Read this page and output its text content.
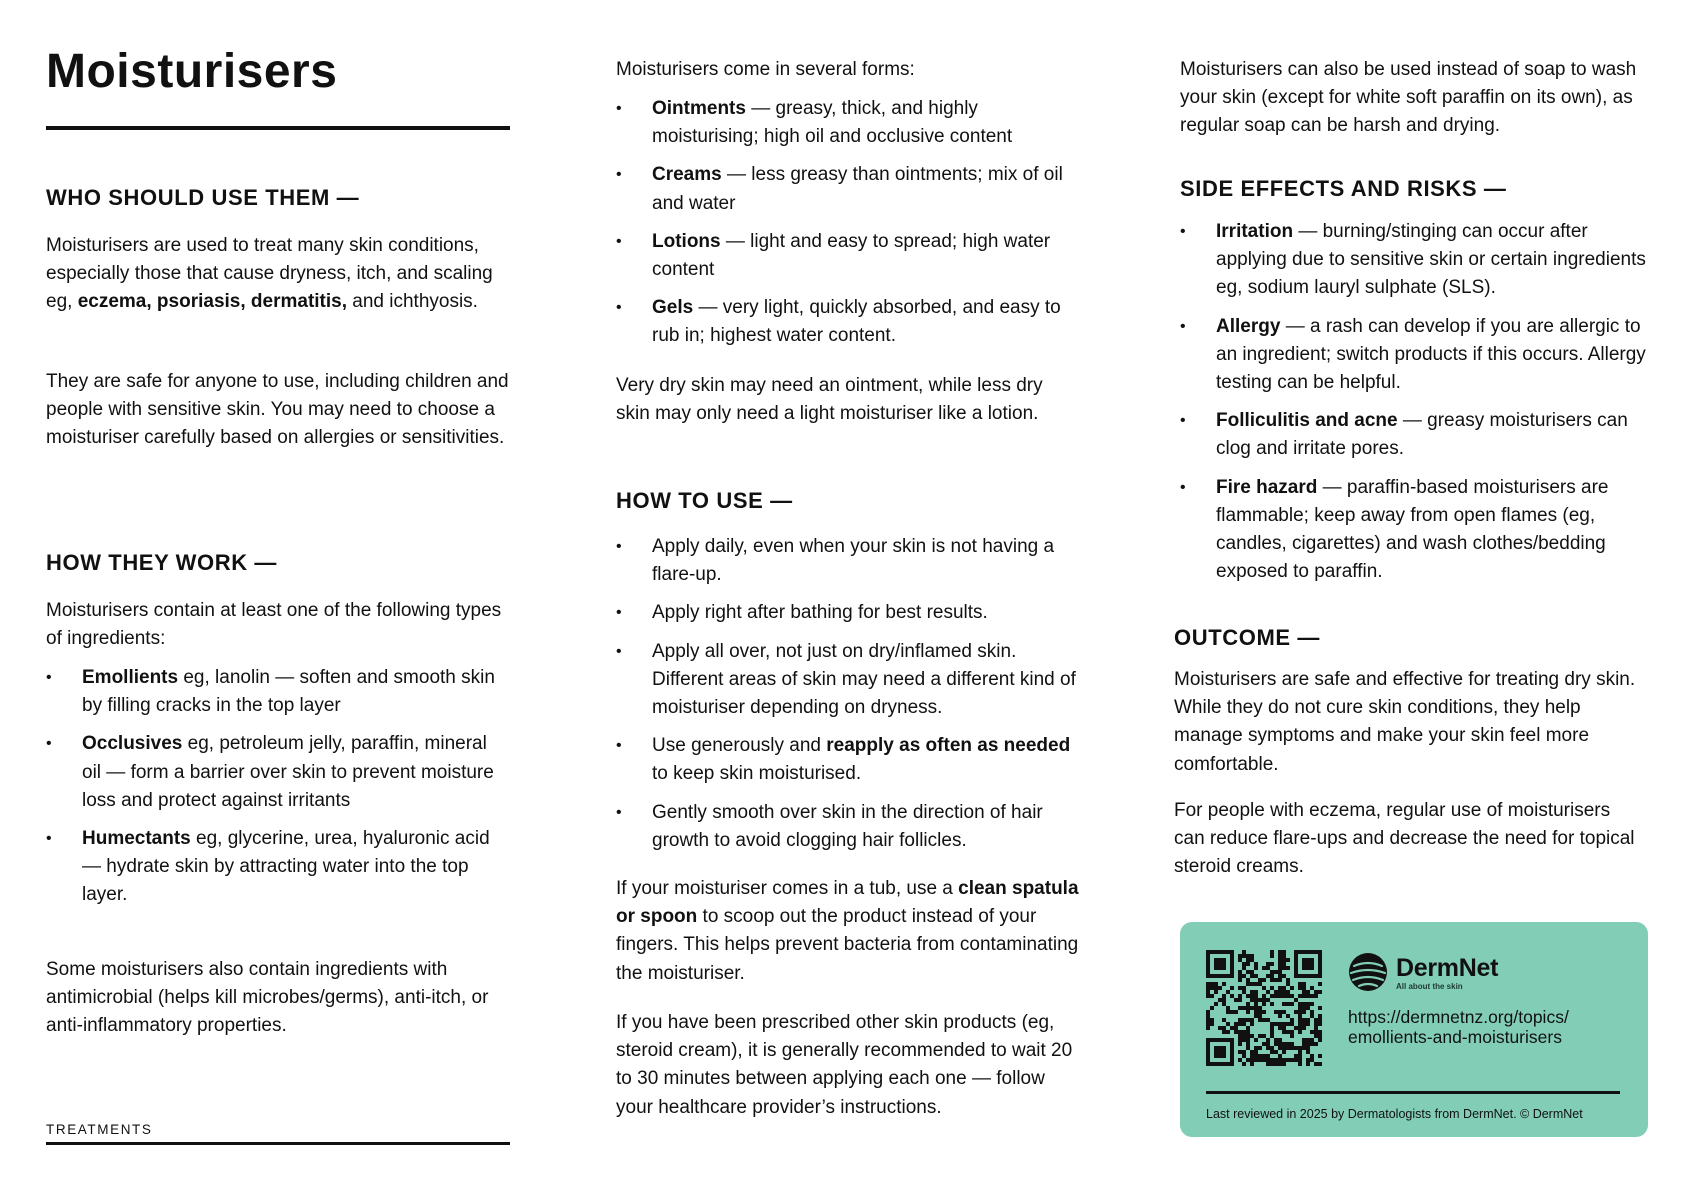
Moisturisers
WHO SHOULD USE THEM —

Moisturisers are used to treat many skin conditions, especially those that cause dryness, itch, and scaling eg, eczema, psoriasis, dermatitis, and ichthyosis.

They are safe for anyone to use, including children and people with sensitive skin. You may need to choose a moisturiser carefully based on allergies or sensitivities.

HOW THEY WORK —

Moisturisers contain at least one of the following types of ingredients:

• Emollients eg, lanolin — soften and smooth skin by filling cracks in the top layer
• Occlusives eg, petroleum jelly, paraffin, mineral oil — form a barrier over skin to prevent moisture loss and protect against irritants
• Humectants eg, glycerine, urea, hyaluronic acid — hydrate skin by attracting water into the top layer.

Some moisturisers also contain ingredients with antimicrobial (helps kill microbes/germs), anti-itch, or anti-inflammatory properties.

TREATMENTS

Moisturisers come in several forms:

• Ointments — greasy, thick, and highly moisturising; high oil and occlusive content
• Creams — less greasy than ointments; mix of oil and water
• Lotions — light and easy to spread; high water content
• Gels — very light, quickly absorbed, and easy to rub in; highest water content.

Very dry skin may need an ointment, while less dry skin may only need a light moisturiser like a lotion.

HOW TO USE —
• Apply daily, even when your skin is not having a flare-up.
• Apply right after bathing for best results.
• Apply all over, not just on dry/inflamed skin. Different areas of skin may need a different kind of moisturiser depending on dryness.
• Use generously and reapply as often as needed to keep skin moisturised.
• Gently smooth over skin in the direction of hair growth to avoid clogging hair follicles.

If your moisturiser comes in a tub, use a clean spatula or spoon to scoop out the product instead of your fingers. This helps prevent bacteria from contaminating the moisturiser.

If you have been prescribed other skin products (eg, steroid cream), it is generally recommended to wait 20 to 30 minutes between applying each one — follow your healthcare provider’s instructions.

Moisturisers can also be used instead of soap to wash your skin (except for white soft paraffin on its own), as regular soap can be harsh and drying.

SIDE EFFECTS AND RISKS —
• Irritation — burning/stinging can occur after applying due to sensitive skin or certain ingredients eg, sodium lauryl sulphate (SLS).
• Allergy — a rash can develop if you are allergic to an ingredient; switch products if this occurs. Allergy testing can be helpful.
• Folliculitis and acne — greasy moisturisers can clog and irritate pores.
• Fire hazard — paraffin-based moisturisers are flammable; keep away from open flames (eg, candles, cigarettes) and wash clothes/bedding exposed to paraffin.
OUTCOME —

Moisturisers are safe and effective for treating dry skin. While they do not cure skin conditions, they help manage symptoms and make your skin feel more comfortable.

For people with eczema, regular use of moisturisers can reduce flare-ups and decrease the need for topical steroid creams.

DermNet
All about the skin
https://dermnetnz.org/topics/
emollients-and-moisturisers
Last reviewed in 2025 by Dermatologists from DermNet. © DermNet
